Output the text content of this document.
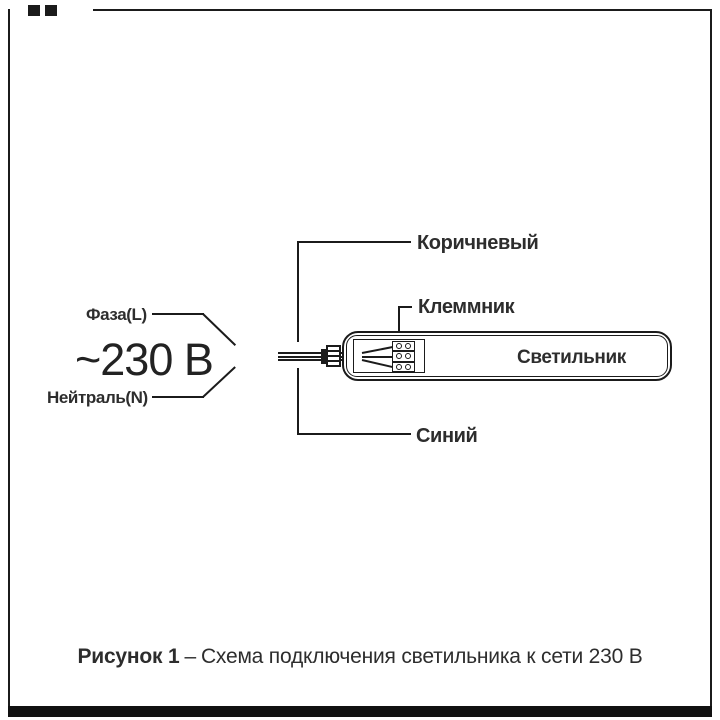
Коричневый
Синий
Клеммник
Фаза(L)
~230 В
Нейтраль(N)
Светильник
Рисунок 1 – Схема подключения светильника к сети 230 В
